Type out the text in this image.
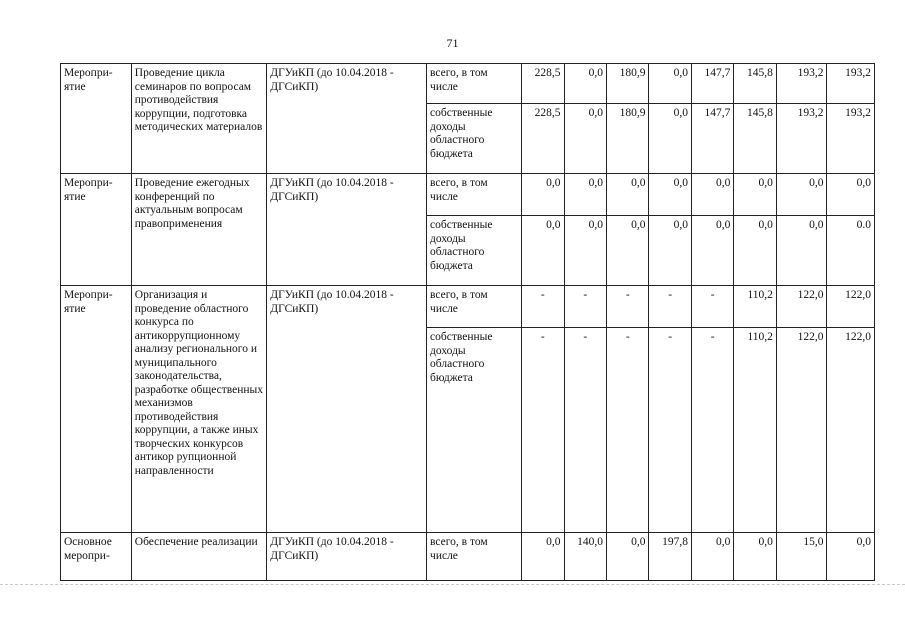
71
Меропри-ятие	Проведение цикла семинаров по вопросам противодействия коррупции, подготовка методических материалов	ДГУиКП (до 10.04.2018 - ДГСиКП)	всего, в том числе	228,5	0,0	180,9	0,0	147,7	145,8	193,2	193,2
			собственные доходы областного бюджета	228,5	0,0	180,9	0,0	147,7	145,8	193,2	193,2
Меропри-ятие	Проведение ежегодных конференций по актуальным вопросам правоприменения	ДГУиКП (до 10.04.2018 - ДГСиКП)	всего, в том числе	0,0	0,0	0,0	0,0	0,0	0,0	0,0	0,0
			собственные доходы областного бюджета	0,0	0,0	0,0	0,0	0,0	0,0	0,0	0.0
Меропри-ятие	Организация и проведение областного конкурса по антикоррупционному анализу регионального и муниципального законодательства, разработке общественных механизмов противодействия коррупции, а также иных творческих конкурсов антикор рупционной направленности	ДГУиКП (до 10.04.2018 - ДГСиКП)	всего, в том числе	-	-	-	-	-	110,2	122,0	122,0
			собственные доходы областного бюджета	-	-	-	-	-	110,2	122,0	122,0
Основное меропри-	Обеспечение реализации	ДГУиКП (до 10.04.2018 - ДГСиКП)	всего, в том числе	0,0	140,0	0,0	197,8	0,0	0,0	15,0	0,0
